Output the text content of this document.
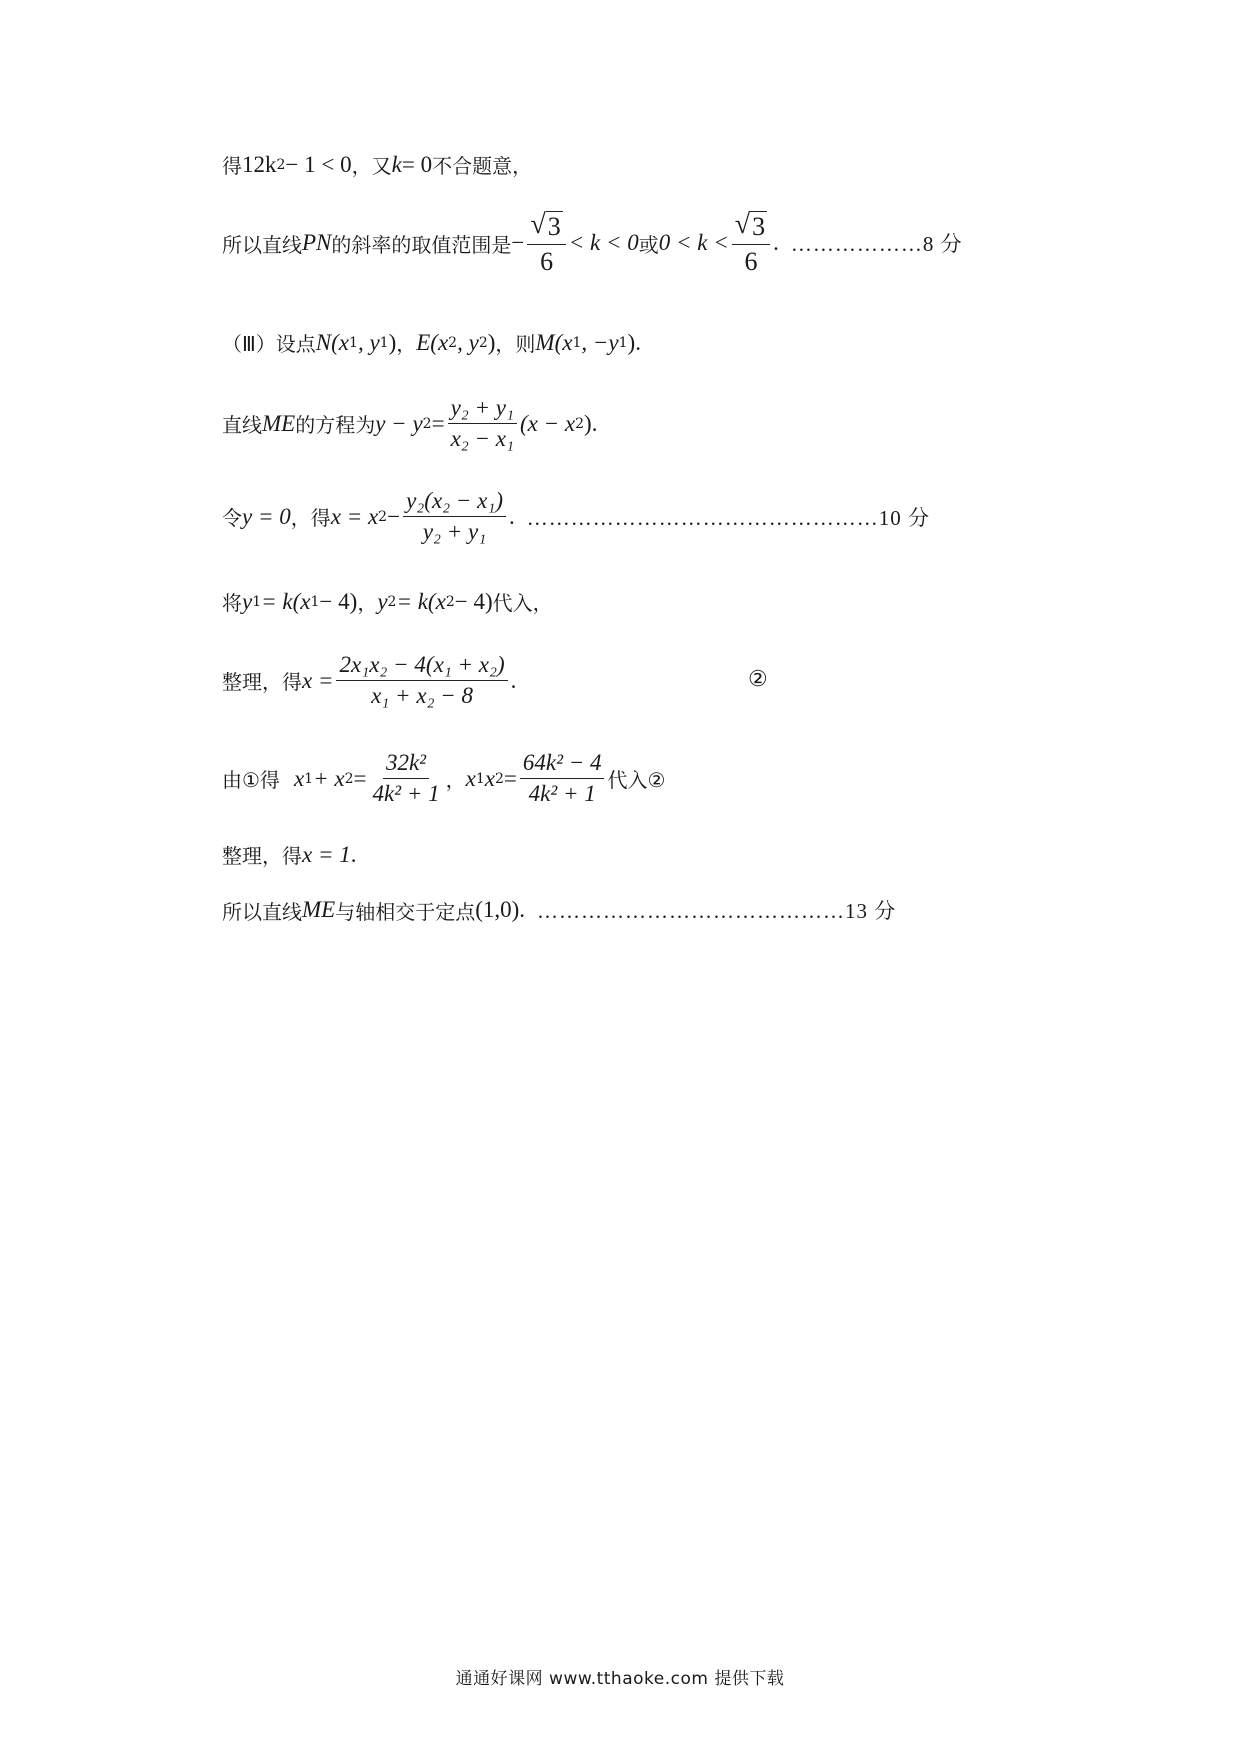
得 12k 2 − 1 < 0 ，又 k = 0 不合题意，
所以直线 PN 的斜率的取值范围是 − $\frac{√ 3}{6} < k < 0$ 或 $0 < k < \frac{√ 3}{6}$ . ………………8 分
（Ⅲ）设点 N(x 1 , y 1 ) ， E(x 2 , y 2 ) ，则 M(x 1 , −y 1 ) .
直线 ME 的方程为 y − y $2 = \frac{\text{y₂ + y₁}}{\text{x₂ − x₁}} (x - x$ 2 ) .
令 y = 0 ，得 x = x $2 - \frac{\text{y₂(x₂ − x₁)}}{\text{y₂ + y₁}}$ . …………………………………………10 分
将 y 1 = k(x 1 − 4) ， y 2 = k(x 2 − 4) 代入，
整理，得 $x = \frac{\text{2x₁x₂ − 4(x₁ + x₂)}}{\text{x₁ + x₂ − 8}}$ .	②
由①得 x 1 + x $2 = \frac{\text{32k²}}{\text{4k² + 1}}$ ， x 1 x $2 = \frac{\text{64k² − 4}}{\text{4k² + 1}}$ 代入②
整理，得 x = 1 .
所以直线 ME 与轴相交于定点 (1,0) . ……………………………………13 分
通通好课网 www.tthaoke.com 提供下载
